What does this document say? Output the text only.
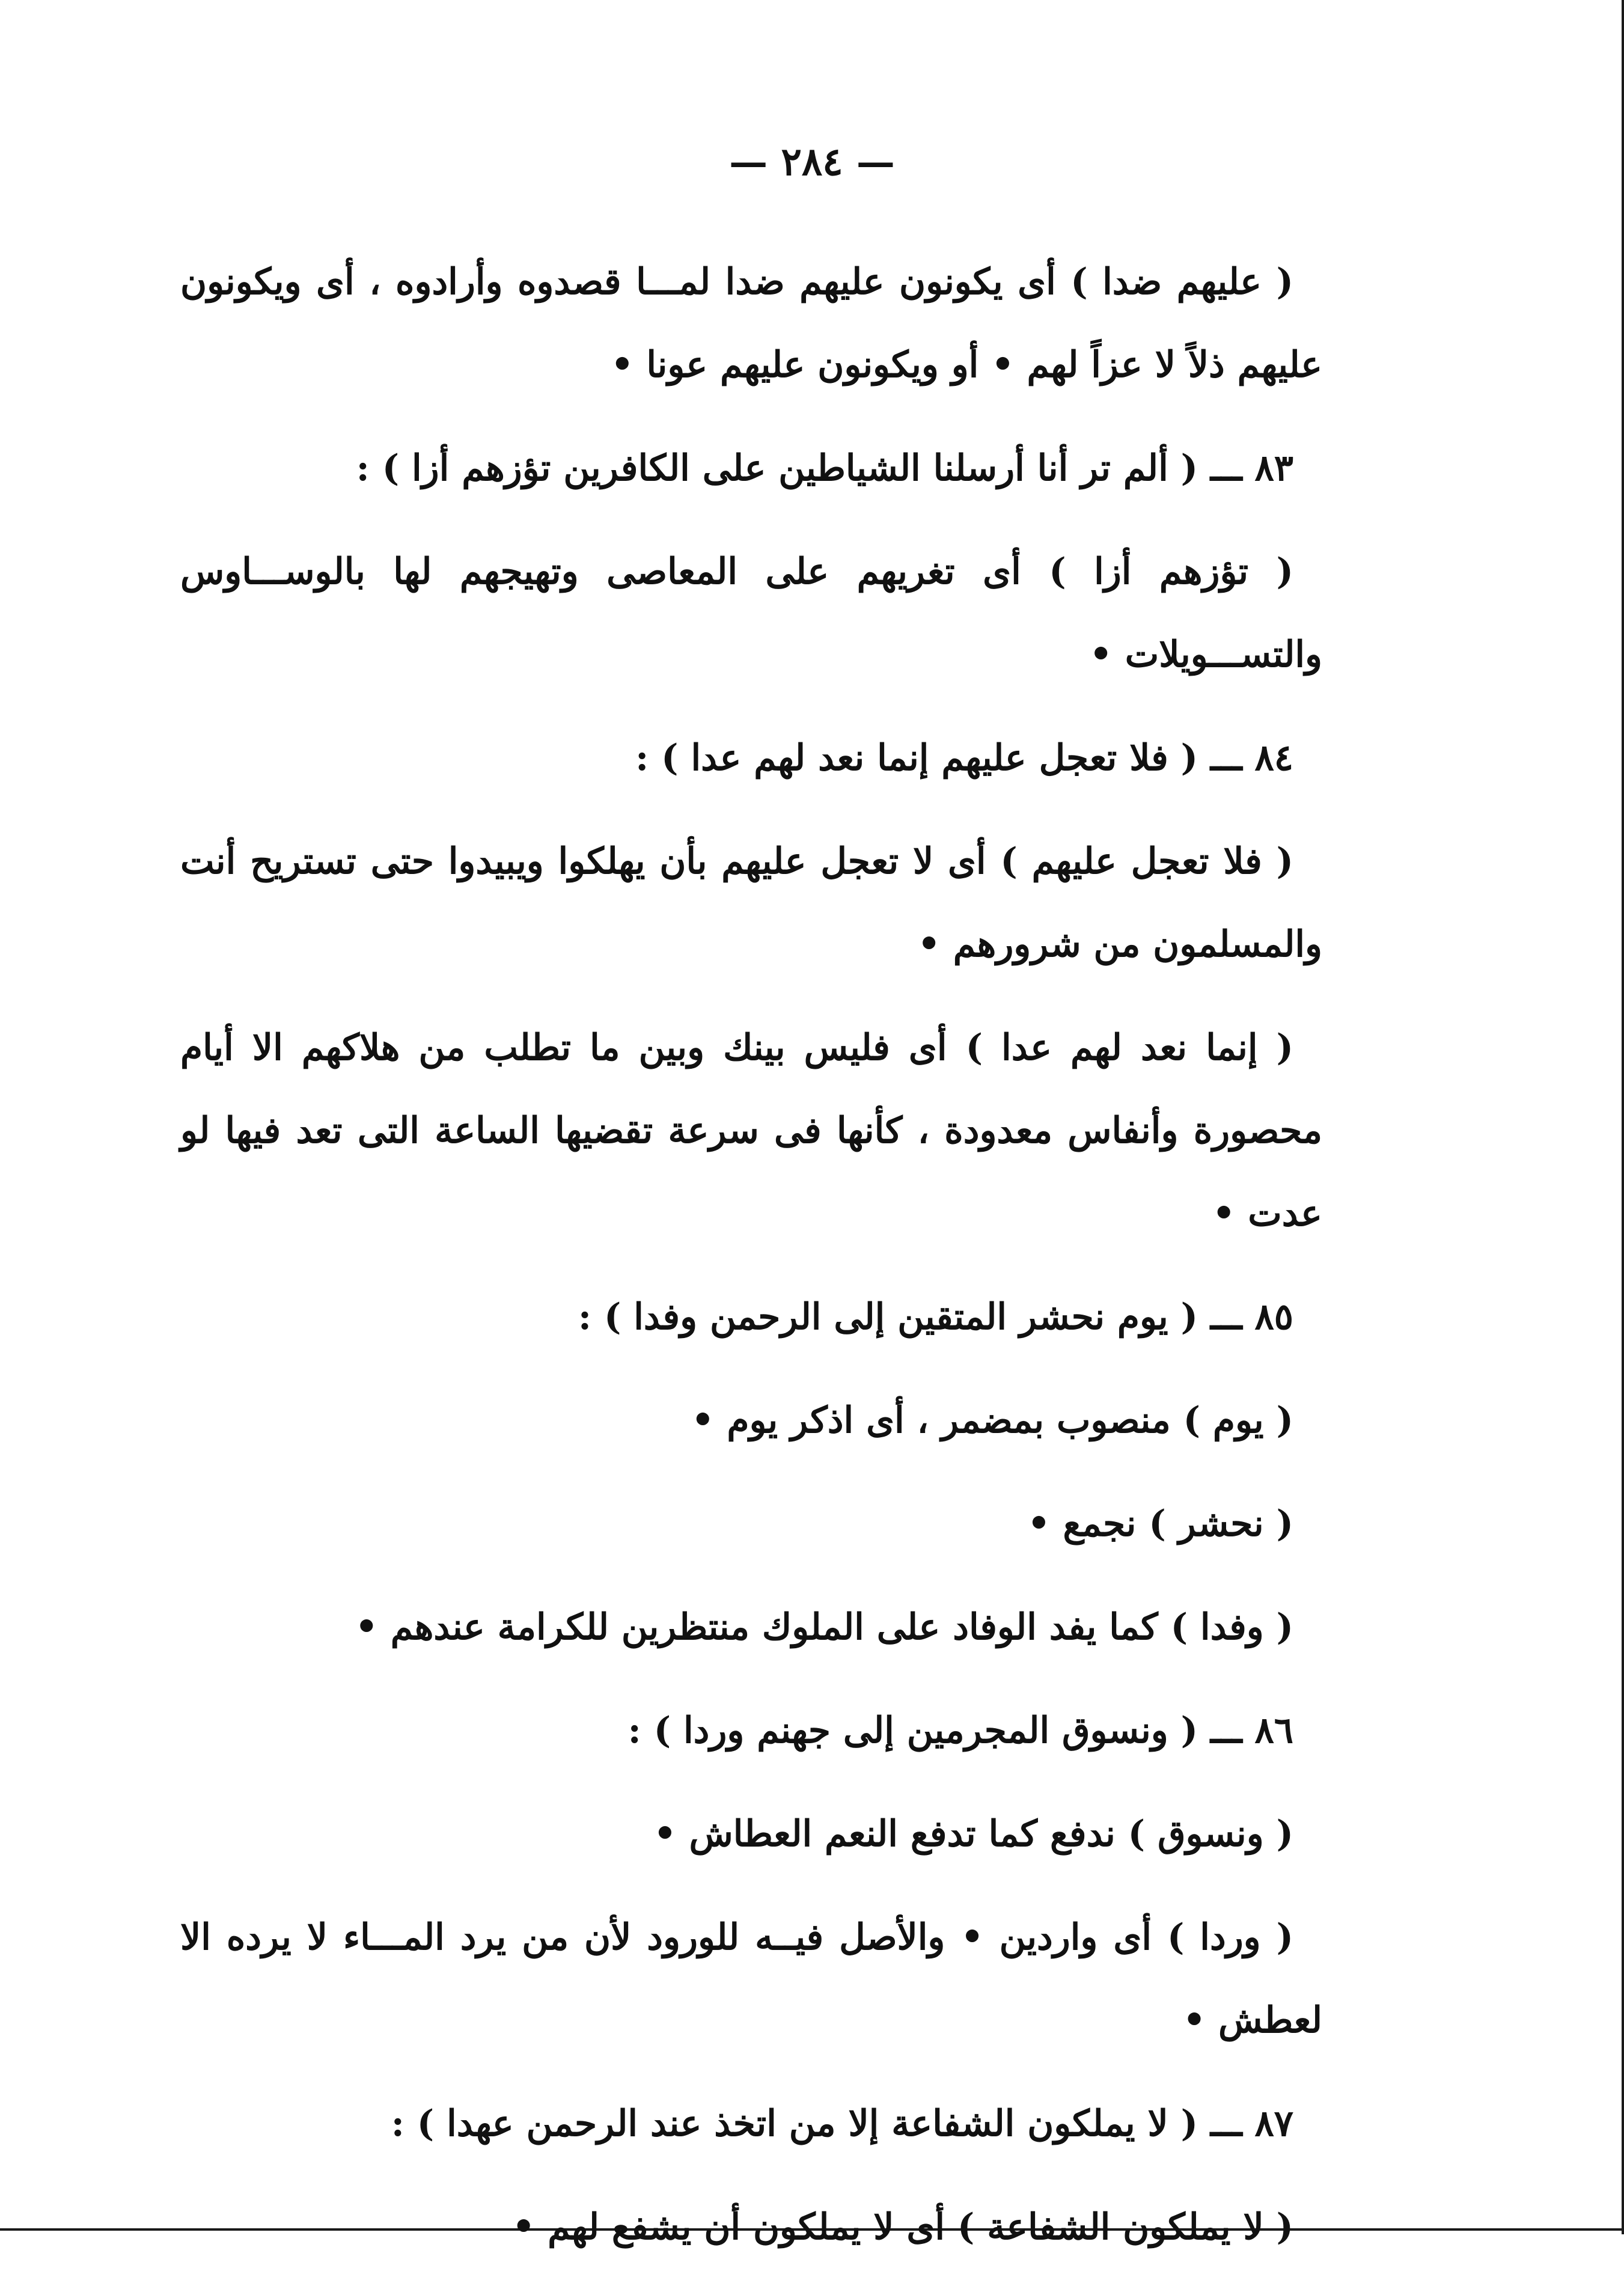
— ٢٨٤ —

( عليهم ضدا ) أى يكونون عليهم ضدا لمـــا قصدوه وأرادوه ، أى ويكونون عليهم ذلاً لا عزاً لهم • أو ويكونون عليهم عونا •

٨٣ ـــ ( ألم تر أنا أرسلنا الشياطين على الكافرين تؤزهم أزا ) :

( تؤزهم أزا ) أى تغريهم على المعاصى وتهيجهم لها بالوســـاوس والتســـويلات •

٨٤ ـــ ( فلا تعجل عليهم إنما نعد لهم عدا ) :

( فلا تعجل عليهم ) أى لا تعجل عليهم بأن يهلكوا ويبيدوا حتى تستريح أنت والمسلمون من شرورهم •

( إنما نعد لهم عدا ) أى فليس بينك وبين ما تطلب من هلاكهم الا أيام محصورة وأنفاس معدودة ، كأنها فى سرعة تقضيها الساعة التى تعد فيها لو عدت •

٨٥ ـــ ( يوم نحشر المتقين إلى الرحمن وفدا ) :

( يوم ) منصوب بمضمر ، أى اذكر يوم •

( نحشر ) نجمع •

( وفدا ) كما يفد الوفاد على الملوك منتظرين للكرامة عندهم •

٨٦ ـــ ( ونسوق المجرمين إلى جهنم وردا ) :

( ونسوق ) ندفع كما تدفع النعم العطاش •

( وردا ) أى واردين • والأصل فيــه للورود لأن من يرد المـــاء لا يرده الا لعطش •

٨٧ ـــ ( لا يملكون الشفاعة إلا من اتخذ عند الرحمن عهدا ) :

( لا يملكون الشفاعة ) أى لا يملكون أن يشفع لهم •
